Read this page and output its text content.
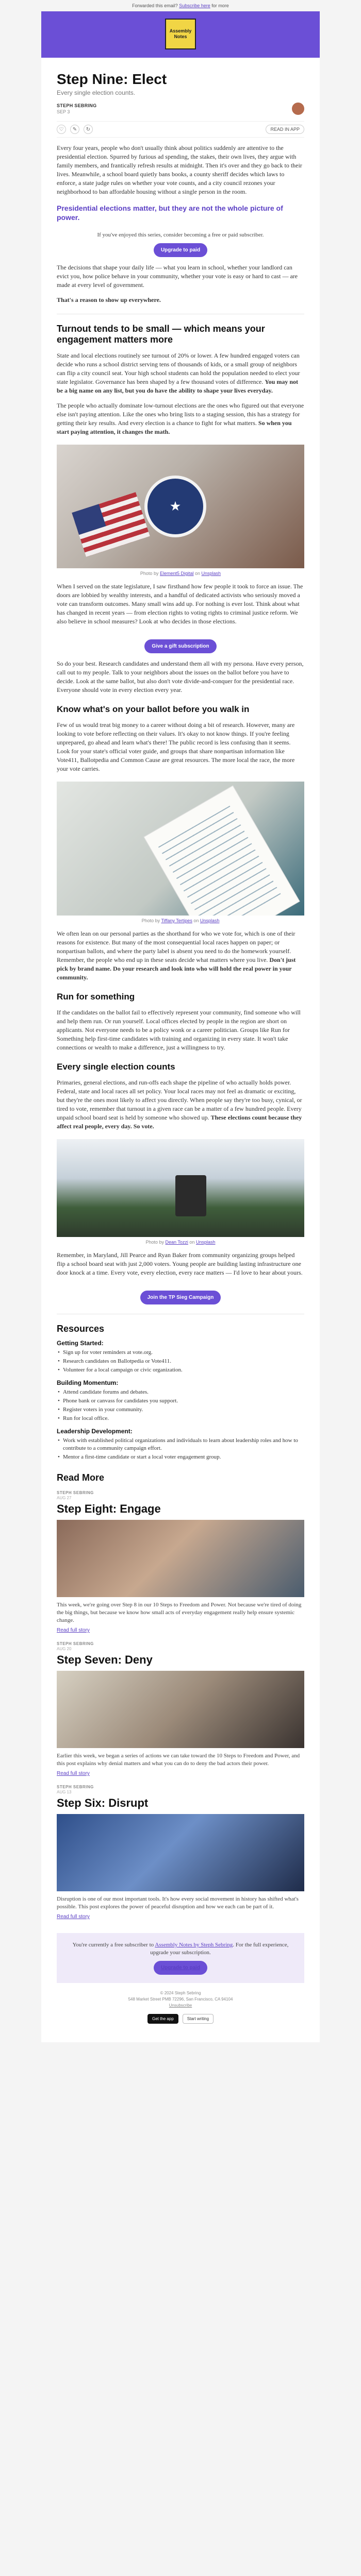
Forwarded this email? Subscribe here for more
Assembly
Notes
Step Nine: Elect
Every single election counts.
STEPH SEBRING
SEP 3
♡	✎	↻	READ IN APP

Every four years, people who don't usually think about politics suddenly are attentive to the presidential election. Spurred by furious ad spending, the stakes, their own lives, they argue with family members, and frantically refresh results at midnight. Then it's over and they go back to their lives. Meanwhile, a school board quietly bans books, a county sheriff decides which laws to enforce, a state judge rules on whether your vote counts, and a city council rezones your neighborhood to ban affordable housing without a single person in the room.

Presidential elections matter, but they are not the whole picture of power.

If you've enjoyed this series, consider becoming a free or paid subscriber.

Upgrade to paid

The decisions that shape your daily life — what you learn in school, whether your landlord can evict you, how police behave in your community, whether your vote is easy or hard to cast — are made at every level of government.

That's a reason to show up everywhere.

Turnout tends to be small — which means your engagement matters more

State and local elections routinely see turnout of 20% or lower. A few hundred engaged voters can decide who runs a school district serving tens of thousands of kids, or a small group of neighbors can flip a city council seat. Your high school students can hold the population needed to elect your state legislator. Governance has been shaped by a few thousand votes of difference. You may not be a big name on any list, but you do have the ability to shape your lives everyday.

The people who actually dominate low-turnout elections are the ones who figured out that everyone else isn't paying attention. Like the ones who bring lists to a staging session, this has a strategy for getting their key results. And every election is a chance to fight for what matters. So when you start paying attention, it changes the math.

★
Photo by Element5 Digital on Unsplash

When I served on the state legislature, I saw firsthand how few people it took to force an issue. The doors are lobbied by wealthy interests, and a handful of dedicated activists who seriously moved a vote can transform outcomes. Many small wins add up. For nothing is ever lost. Think about what has changed in recent years — from election rights to voting rights to criminal justice reform. We also believe in school measures? Look at who decides in those elections.

Give a gift subscription

So do your best. Research candidates and understand them all with my persona. Have every person, call out to my people. Talk to your neighbors about the issues on the ballot before you have to decide. Look at the same ballot, but also don't vote divide-and-conquer for the presidential race. Everyone should vote in every election every year.

Know what's on your ballot before you walk in

Few of us would treat big money to a career without doing a bit of research. However, many are looking to vote before reflecting on their values. It's okay to not know things. If you're feeling unprepared, go ahead and learn what's there! The public record is less confusing than it seems. Look for your state's official voter guide, and groups that share nonpartisan information like Vote411, Ballotpedia and Common Cause are great resources. The more local the race, the more your vote carries.

Photo by Tiffany Tertipes on Unsplash

We often lean on our personal parties as the shorthand for who we vote for, which is one of their reasons for existence. But many of the most consequential local races happen on paper; or nonpartisan ballots, and where the party label is absent you need to do the homework yourself. Remember, the people who end up in these seats decide what matters where you live. Don't just pick by brand name. Do your research and look into who will hold the real power in your community.

Run for something

If the candidates on the ballot fail to effectively represent your community, find someone who will and help them run. Or run yourself. Local offices elected by people in the region are short on applicants. Not everyone needs to be a policy wonk or a career politician. Groups like Run for Something help first-time candidates with training and organizing in every state. It won't take connections or wealth to make a difference, just a willingness to try.

Every single election counts

Primaries, general elections, and run-offs each shape the pipeline of who actually holds power. Federal, state and local races all set policy. Your local races may not feel as dramatic or exciting, but they're the ones most likely to affect you directly. When people say they're too busy, cynical, or tired to vote, remember that turnout in a given race can be a matter of a few hundred people. Every unpaid school board seat is held by someone who showed up. These elections count because they affect real people, every day. So vote.

Photo by Dean Tozzi on Unsplash

Remember, in Maryland, Jill Pearce and Ryan Baker from community organizing groups helped flip a school board seat with just 2,000 voters. Young people are building lasting infrastructure one door knock at a time. Every vote, every election, every race matters — I'd love to hear about yours.

Join the TP Sieg Campaign
Resources
Getting Started:
• Sign up for voter reminders at vote.org.
• Research candidates on Ballotpedia or Vote411.
• Volunteer for a local campaign or civic organization.
Building Momentum:
• Attend candidate forums and debates.
• Phone bank or canvass for candidates you support.
• Register voters in your community.
• Run for local office.
Leadership Development:
• Work with established political organizations and individuals to learn about leadership roles and how to contribute to a community campaign effort.
• Mentor a first-time candidate or start a local voter engagement group.
Read More
STEPH SEBRING
AUG 27
Step Eight: Engage

This week, we're going over Step 8 in our 10 Steps to Freedom and Power. Not because we're tired of doing the big things, but because we know how small acts of everyday engagement really help ensure systemic change.

Read full story
STEPH SEBRING
AUG 20
Step Seven: Deny

Earlier this week, we began a series of actions we can take toward the 10 Steps to Freedom and Power, and this post explains why denial matters and what you can do to deny the bad actors their power.

Read full story
STEPH SEBRING
AUG 13
Step Six: Disrupt

Disruption is one of our most important tools. It's how every social movement in history has shifted what's possible. This post explores the power of peaceful disruption and how we each can be part of it.

Read full story

You're currently a free subscriber to Assembly Notes by Steph Sebring. For the full experience, upgrade your subscription.

Upgrade to paid
© 2024 Steph Sebring
548 Market Street PMB 72296, San Francisco, CA 94104
Unsubscribe
Get the app	Start writing
